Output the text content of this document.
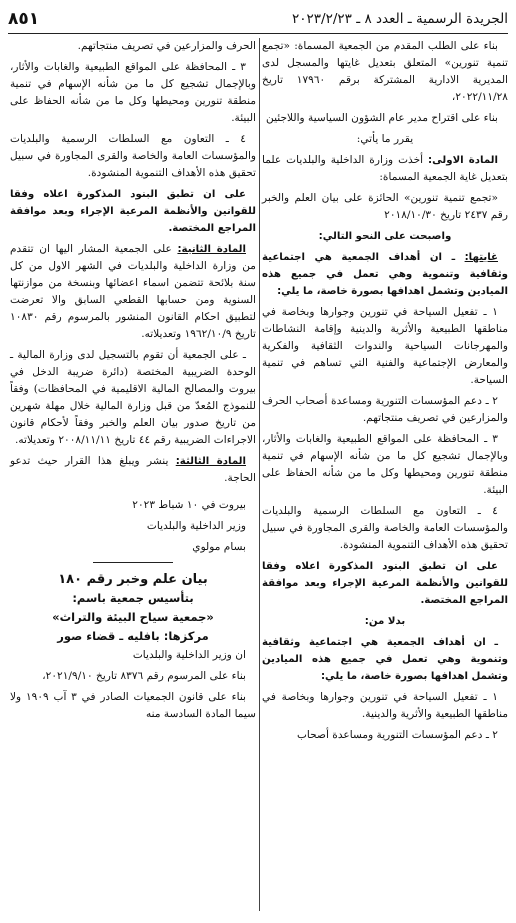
٨٥١	الجريدة الرسمية ـ العدد ٨ ـ ٢٠٢٣/٢/٢٣

بناء على الطلب المقدم من الجمعية المسماة: «تجمع تنمية تنورين» المتعلق بتعديل غايتها والمسجل لدى المديرية الادارية المشتركة برقم ١٧٩٦٠ تاريخ ٢٠٢٢/١١/٢٨،

بناء على اقتراح مدير عام الشؤون السياسية واللاجئين

يقرر ما يأتي:

المادة الاولى: أخذت وزارة الداخلية والبلديات علما بتعديل غاية الجمعية المسماة:

«تجمع تنمية تنورين» الحائزة على بيان العلم والخبر رقم ٢٤٣٧ تاريخ ٢٠١٨/١٠/٣٠

واصبحت على النحو التالي:

غايتها: ـ ان أهداف الجمعية هي اجتماعية وثقافية وتنموية وهي تعمل في جميع هذه الميادين وتشمل اهدافها بصورة خاصة، ما يلي:

١ ـ تفعيل السياحة في تنورين وجوارها وبخاصة في مناطقها الطبيعية والأثرية والدينية وإقامة النشاطات والمهرجانات السياحية والندوات الثقافية والفكرية والمعارض الإجتماعية والفنية التي تساهم في تنمية السياحة.

٢ ـ دعم المؤسسات التنورية ومساعدة أصحاب الحرف والمزارعين في تصريف منتجاتهم.

٣ ـ المحافظة على المواقع الطبيعية والغابات والأثار، وبالإجمال تشجيع كل ما من شأنه الإسهام في تنمية منطقة تنورين ومحيطها وكل ما من شأنه الحفاظ على البيئة.

٤ ـ التعاون مع السلطات الرسمية والبلديات والمؤسسات العامة والخاصة والقرى المجاورة في سبيل تحقيق هذه الأهداف التنموية المنشودة.

على ان تطبق البنود المذكورة اعلاه وفقا للقوانين والأنظمة المرعية الإجراء وبعد موافقة المراجع المختصة.

بدلا من:

ـ ان أهداف الجمعية هي اجتماعية وثقافية وتنموية وهي تعمل في جميع هذه الميادين وتشمل اهدافها بصورة خاصة، ما يلي:

١ ـ تفعيل السياحة في تنورين وجوارها وبخاصة في مناطقها الطبيعية والأثرية والدينية.

٢ ـ دعم المؤسسات التنورية ومساعدة أصحاب

الحرف والمزارعين في تصريف منتجاتهم.

٣ ـ المحافظة على المواقع الطبيعية والغابات والأثار، وبالإجمال تشجيع كل ما من شأنه الإسهام في تنمية منطقة تنورين ومحيطها وكل ما من شأنه الحفاظ على البيئة.

٤ ـ التعاون مع السلطات الرسمية والبلديات والمؤسسات العامة والخاصة والقرى المجاورة في سبيل تحقيق هذه الأهداف التنموية المنشودة.

على ان تطبق البنود المذكورة اعلاه وفقا للقوانين والأنظمة المرعية الإجراء وبعد موافقة المراجع المختصة.

المادة الثانية: على الجمعية المشار اليها ان تتقدم من وزارة الداخلية والبلديات في الشهر الاول من كل سنة بلائحة تتضمن اسماء اعضائها وبنسخة من موازنتها السنوية ومن حسابها القطعي السابق والا تعرضت لتطبيق احكام القانون المنشور بالمرسوم رقم ١٠٨٣٠ تاريخ ١٩٦٢/١٠/٩ وتعديلاته.

ـ على الجمعية أن تقوم بالتسجيل لدى وزارة المالية ـ الوحدة الضريبية المختصة (دائرة ضريبة الدخل في بيروت والمصالح المالية الاقليمية في المحافظات) وفقاً للنموذج المُعدّ من قبل وزارة المالية خلال مهلة شهرين من تاريخ صدور بيان العلم والخبر وفقاً لأحكام قانون الاجراءات الضريبية رقم ٤٤ تاريخ ٢٠٠٨/١١/١١ وتعديلاته.

المادة الثالثة: ينشر ويبلغ هذا القرار حيث تدعو الحاجة.

بيروت في ١٠ شباط ٢٠٢٣

وزير الداخلية والبلديات

بسام مولوي

بيان علم وخبر رقم ١٨٠
بتأسيس جمعية باسم:
«جمعية سياح البيئة والتراث»
مركزها: بافليه ـ قضاء صور

ان وزير الداخلية والبلديات

بناء على المرسوم رقم ٨٣٧٦ تاريخ ٢٠٢١/٩/١٠،

بناء على قانون الجمعيات الصادر في ٣ آب ١٩٠٩ ولا سيما المادة السادسة منه
